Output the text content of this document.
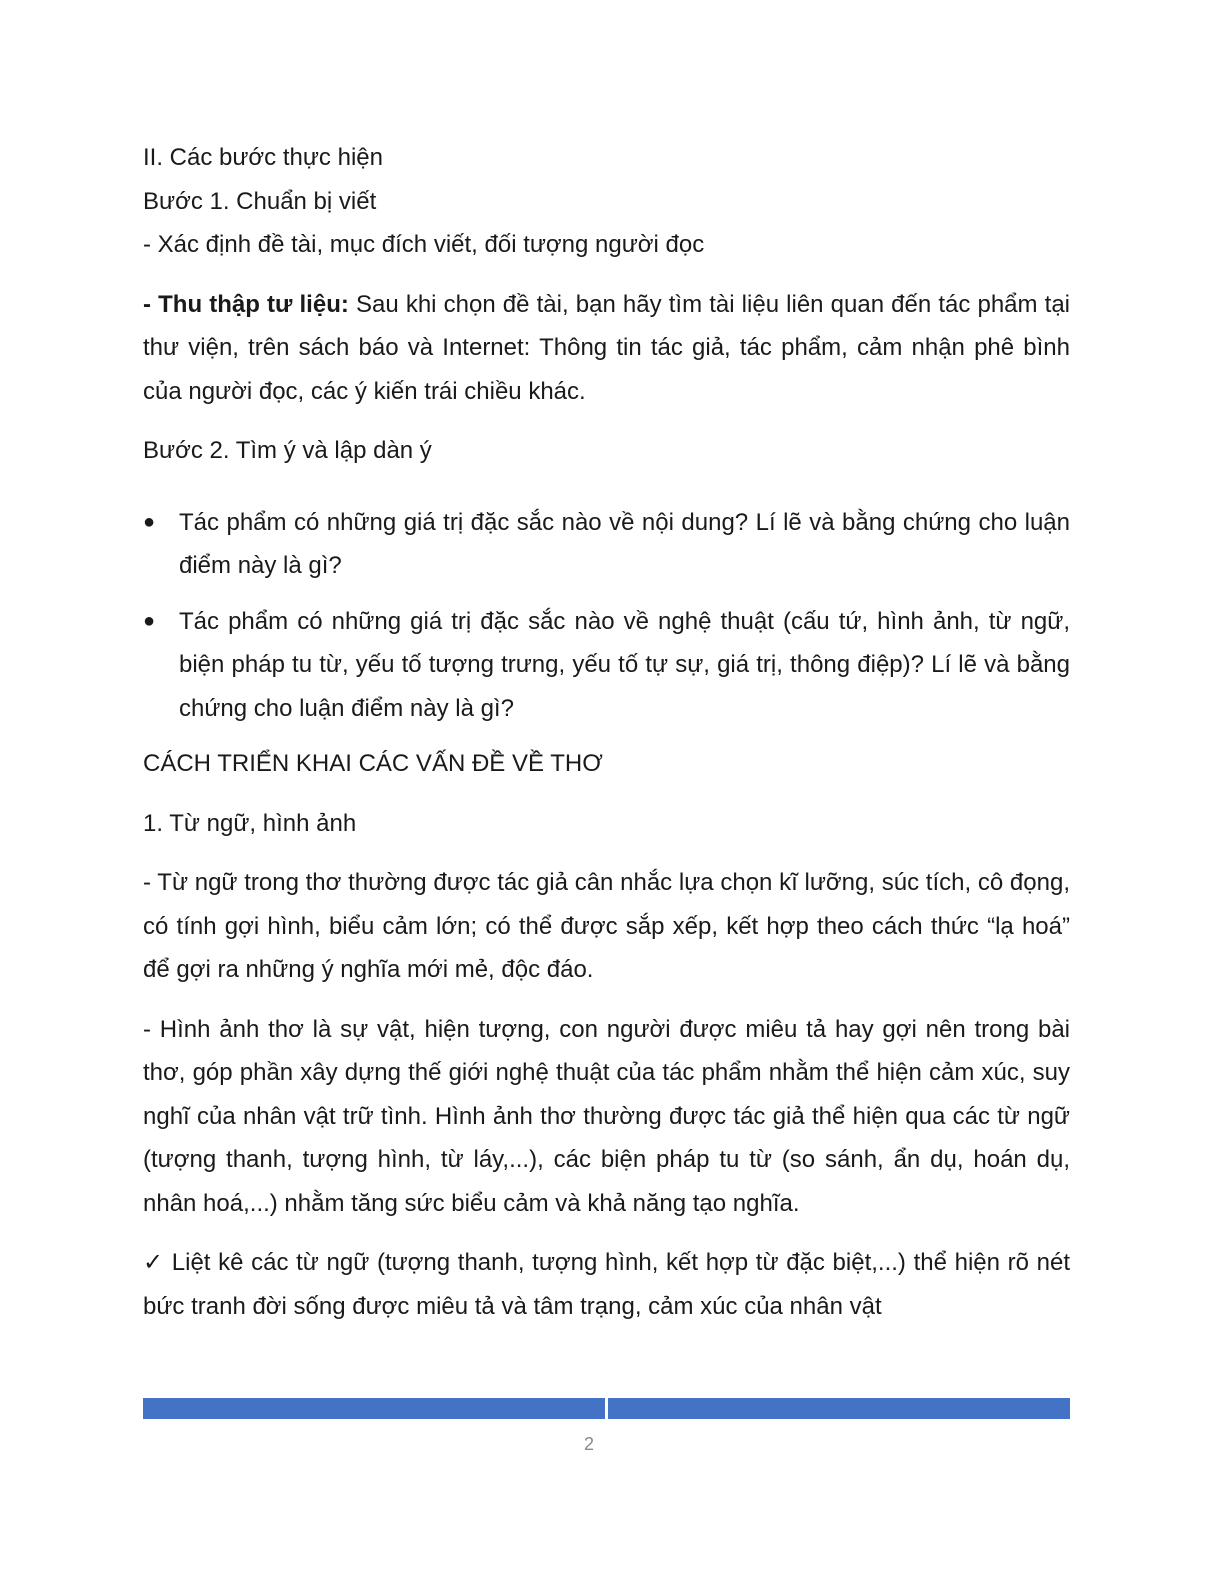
II. Các bước thực hiện

Bước 1. Chuẩn bị viết

- Xác định đề tài, mục đích viết, đối tượng người đọc

- Thu thập tư liệu: Sau khi chọn đề tài, bạn hãy tìm tài liệu liên quan đến tác phẩm tại thư viện, trên sách báo và Internet: Thông tin tác giả, tác phẩm, cảm nhận phê bình của người đọc, các ý kiến trái chiều khác.

Bước 2. Tìm ý và lập dàn ý

● Tác phẩm có những giá trị đặc sắc nào về nội dung? Lí lẽ và bằng chứng cho luận điểm này là gì?
● Tác phẩm có những giá trị đặc sắc nào về nghệ thuật (cấu tứ, hình ảnh, từ ngữ, biện pháp tu từ, yếu tố tượng trưng, yếu tố tự sự, giá trị, thông điệp)? Lí lẽ và bằng chứng cho luận điểm này là gì?

CÁCH TRIỂN KHAI CÁC VẤN ĐỀ VỀ THƠ

1. Từ ngữ, hình ảnh

- Từ ngữ trong thơ thường được tác giả cân nhắc lựa chọn kĩ lưỡng, súc tích, cô đọng, có tính gợi hình, biểu cảm lớn; có thể được sắp xếp, kết hợp theo cách thức “lạ hoá” để gợi ra những ý nghĩa mới mẻ, độc đáo.

- Hình ảnh thơ là sự vật, hiện tượng, con người được miêu tả hay gợi nên trong bài thơ, góp phần xây dựng thế giới nghệ thuật của tác phẩm nhằm thể hiện cảm xúc, suy nghĩ của nhân vật trữ tình. Hình ảnh thơ thường được tác giả thể hiện qua các từ ngữ (tượng thanh, tượng hình, từ láy,...), các biện pháp tu từ (so sánh, ẩn dụ, hoán dụ, nhân hoá,...) nhằm tăng sức biểu cảm và khả năng tạo nghĩa.

✓ Liệt kê các từ ngữ (tượng thanh, tượng hình, kết hợp từ đặc biệt,...) thể hiện rõ nét bức tranh đời sống được miêu tả và tâm trạng, cảm xúc của nhân vật

2
